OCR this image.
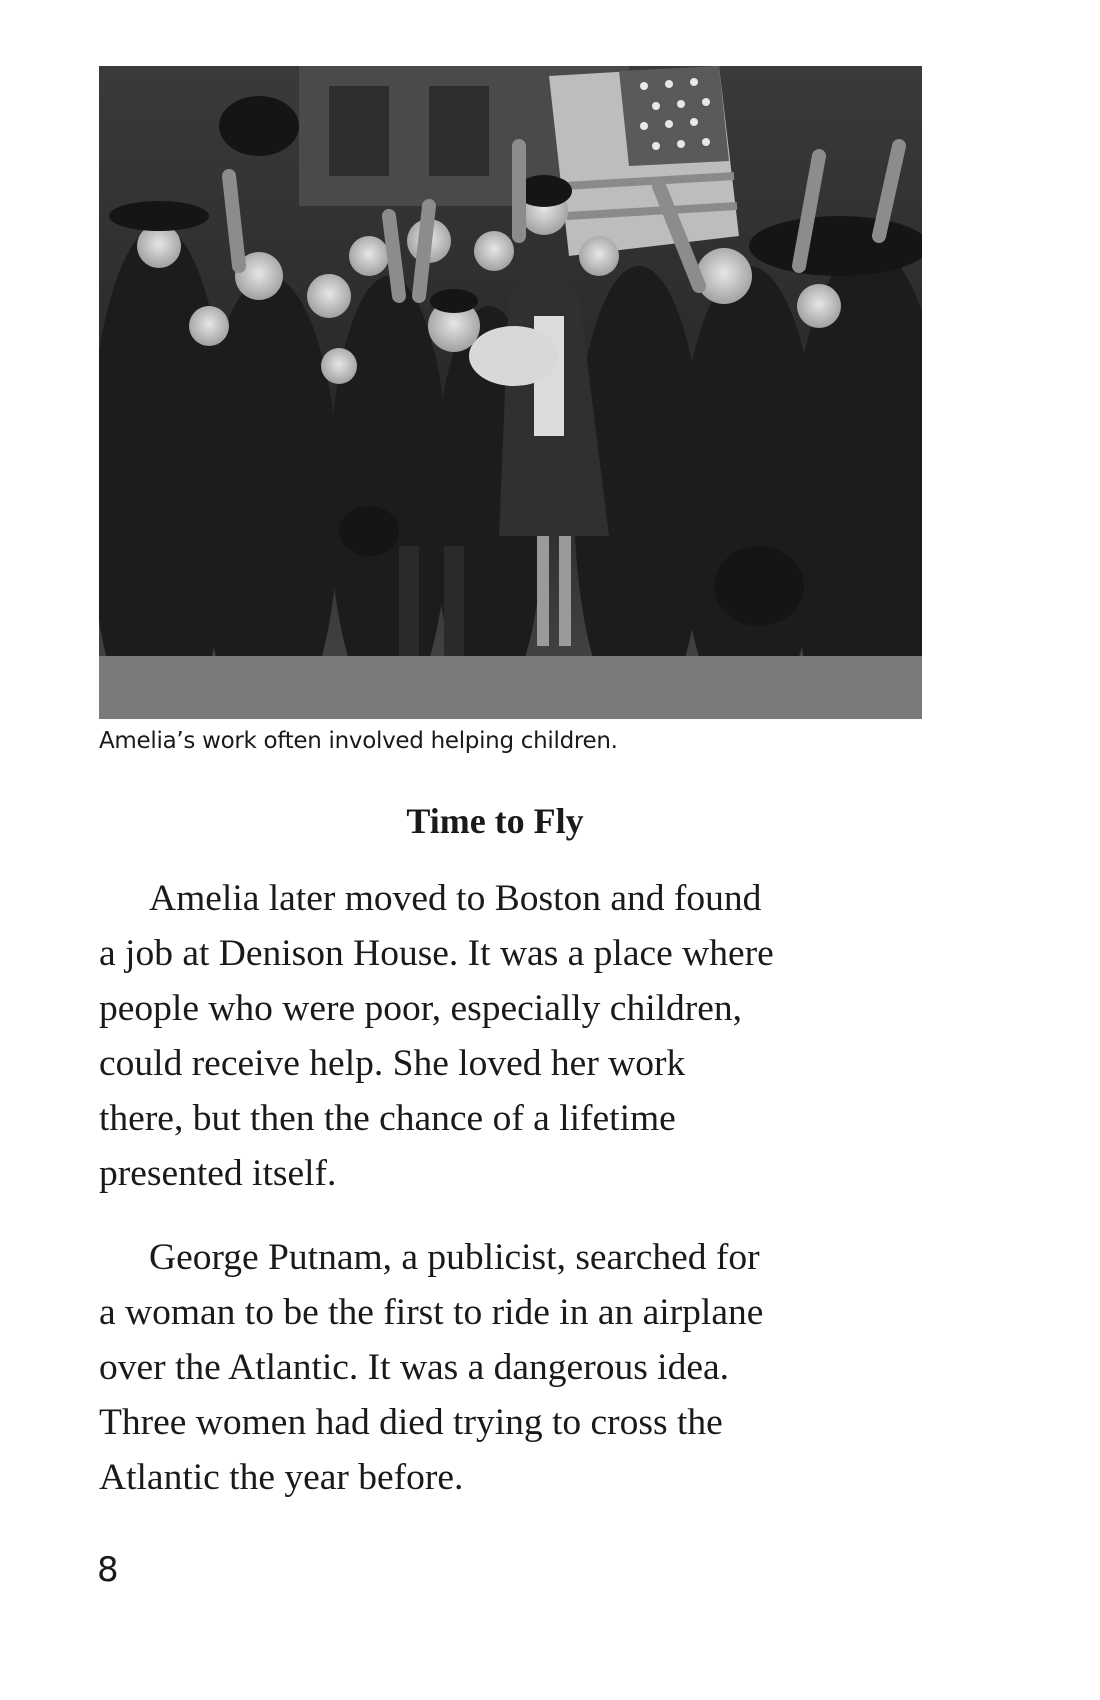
Amelia’s work often involved helping children.
Time to Fly

Amelia later moved to Boston and found
a job at Denison House. It was a place where
people who were poor, especially children,
could receive help. She loved her work
there, but then the chance of a lifetime
presented itself.

George Putnam, a publicist, searched for
a woman to be the first to ride in an airplane
over the Atlantic. It was a dangerous idea.
Three women had died trying to cross the
Atlantic the year before.

8
